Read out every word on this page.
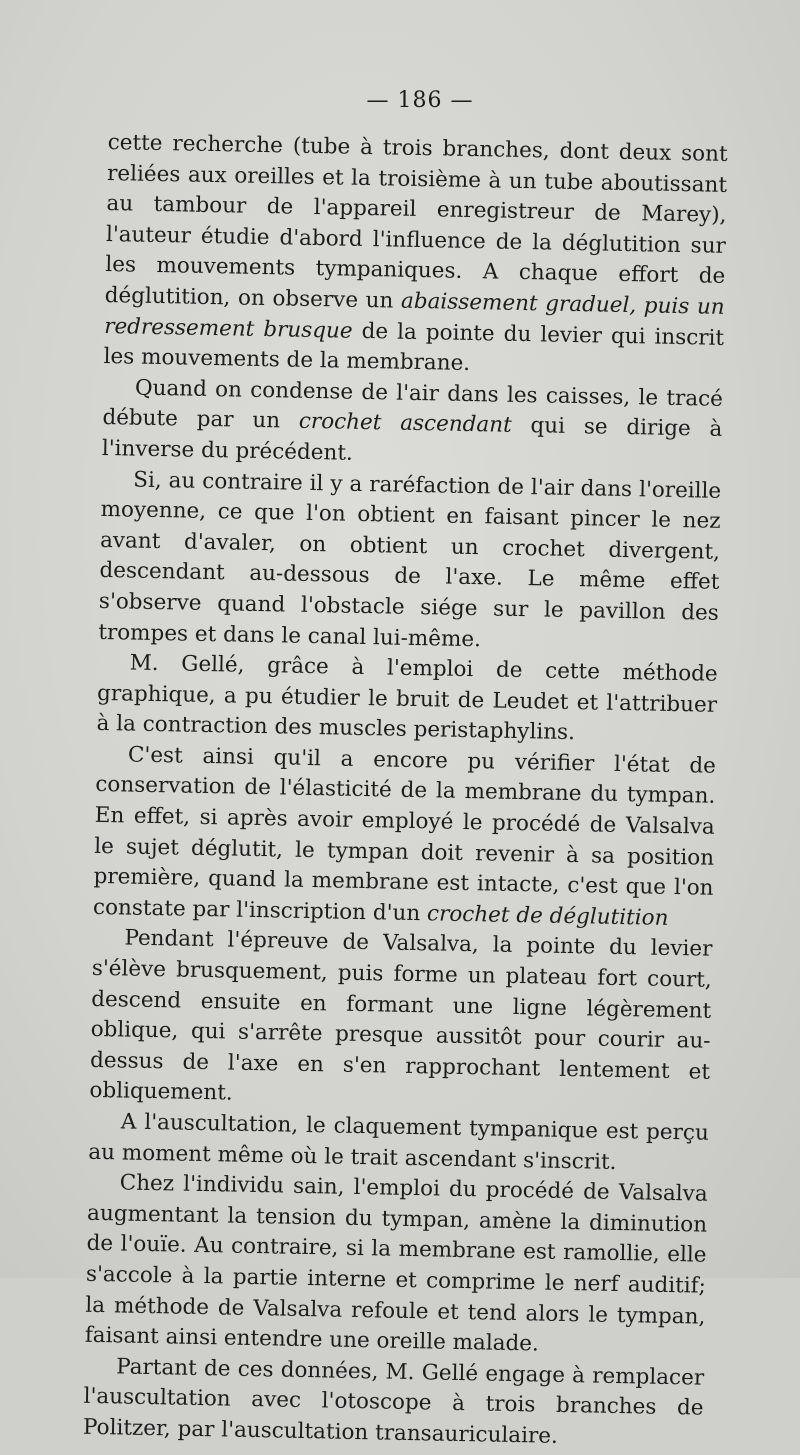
— 186 —

cette recherche (tube à trois branches, dont deux sont reliées aux oreilles et la troisième à un tube aboutissant au tambour de l'appareil enregistreur de Marey), l'auteur étudie d'abord l'influence de la déglutition sur les mouvements tympaniques. A chaque effort de déglutition, on observe un abaissement graduel, puis un redressement brusque de la pointe du levier qui inscrit les mouvements de la membrane.

Quand on condense de l'air dans les caisses, le tracé débute par un crochet ascendant qui se dirige à l'inverse du précédent.

Si, au contraire il y a raréfaction de l'air dans l'oreille moyenne, ce que l'on obtient en faisant pincer le nez avant d'avaler, on obtient un crochet divergent, descendant au-dessous de l'axe. Le même effet s'observe quand l'obstacle siége sur le pavillon des trompes et dans le canal lui-même.

M. Gellé, grâce à l'emploi de cette méthode graphique, a pu étudier le bruit de Leudet et l'attribuer à la contraction des muscles peristaphylins.

C'est ainsi qu'il a encore pu vérifier l'état de conservation de l'élasticité de la membrane du tympan. En effet, si après avoir employé le procédé de Valsalva le sujet déglutit, le tympan doit revenir à sa position première, quand la membrane est intacte, c'est que l'on constate par l'inscription d'un crochet de déglutition

Pendant l'épreuve de Valsalva, la pointe du levier s'élève brusquement, puis forme un plateau fort court, descend ensuite en formant une ligne légèrement oblique, qui s'arrête presque aussitôt pour courir au-dessus de l'axe en s'en rapprochant lentement et obliquement.

A l'auscultation, le claquement tympanique est perçu au moment même où le trait ascendant s'inscrit.

Chez l'individu sain, l'emploi du procédé de Valsalva augmentant la tension du tympan, amène la diminution de l'ouïe. Au contraire, si la membrane est ramollie, elle s'accole à la partie interne et comprime le nerf auditif; la méthode de Valsalva refoule et tend alors le tympan, faisant ainsi entendre une oreille malade.

Partant de ces données, M. Gellé engage à remplacer l'auscultation avec l'otoscope à trois branches de Politzer, par l'auscultation transauriculaire.
